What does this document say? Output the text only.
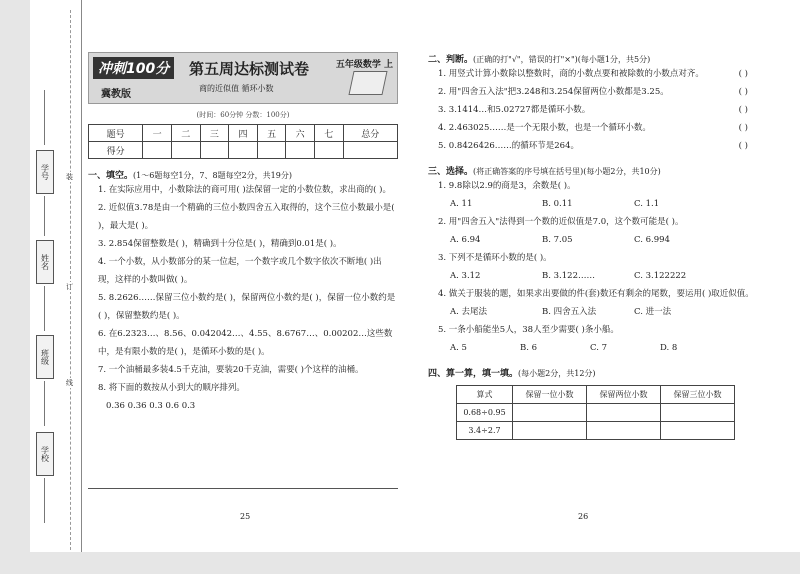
学号
姓名
班级
学校
装
订
线
冲刺100分
冀教版
第五周达标测试卷
商的近似值 循环小数
五年级数学 上
(时间：60分钟 分数：100分)
题号	一	二	三	四	五	六	七	总分
得分								
一、填空。(1～6题每空1分，7、8题每空2分，共19分)
1. 在实际应用中，小数除法的商可用( )法保留一定的小数位数，求出商的( )。
2. 近似值3.78是由一个精确的三位小数四舍五入取得的，这个三位小数最小是( )，最大是( )。
3. 2.854保留整数是( )，精确到十分位是( )，精确到0.01是( )。
4. 一个小数，从小数部分的某一位起，一个数字或几个数字依次不断地( )出现，这样的小数叫做( )。
5. 8.2626……保留三位小数约是( )，保留两位小数约是( )，保留一位小数约是( )，保留整数约是( )。
6. 在6.2323…、8.56、0.042042…、4.55、8.6767…、0.00202…这些数中，是有限小数的是( )，是循环小数的是( )。
7. 一个油桶最多装4.5千克油，要装20千克油，需要( )个这样的油桶。
8. 将下面的数按从小到大的顺序排列。
0.36 0.36 0.3 0.6 0.3
25
二、判断。(正确的打"√"，错误的打"×")(每小题1分，共5分)
1. 用竖式计算小数除以整数时，商的小数点要和被除数的小数点对齐。	( )
2. 用"四舍五入法"把3.248和3.254保留两位小数都是3.25。	( )
3. 3.1414…和5.02727都是循环小数。	( )
4. 2.463025……是一个无限小数，也是一个循环小数。	( )
5. 0.8426426……的循环节是264。	( )
三、选择。(将正确答案的序号填在括号里)(每小题2分，共10分)
1. 9.8除以2.9的商是3，余数是( )。
A. 11	B. 0.11	C. 1.1
2. 用"四舍五入"法得到一个数的近似值是7.0，这个数可能是( )。
A. 6.94	B. 7.05	C. 6.994
3. 下列不是循环小数的是( )。
A. 3.12	B. 3.122……	C. 3.122222
4. 做关于服装的题，如果求出要做的件(套)数还有剩余的尾数，要运用( )取近似值。
A. 去尾法	B. 四舍五入法	C. 进一法
5. 一条小船能坐5人，38人至少需要( )条小船。
A. 5	B. 6	C. 7	D. 8
四、算一算，填一填。(每小题2分，共12分)
算式	保留一位小数	保留两位小数	保留三位小数
0.68÷0.95			
3.4÷2.7			
26
